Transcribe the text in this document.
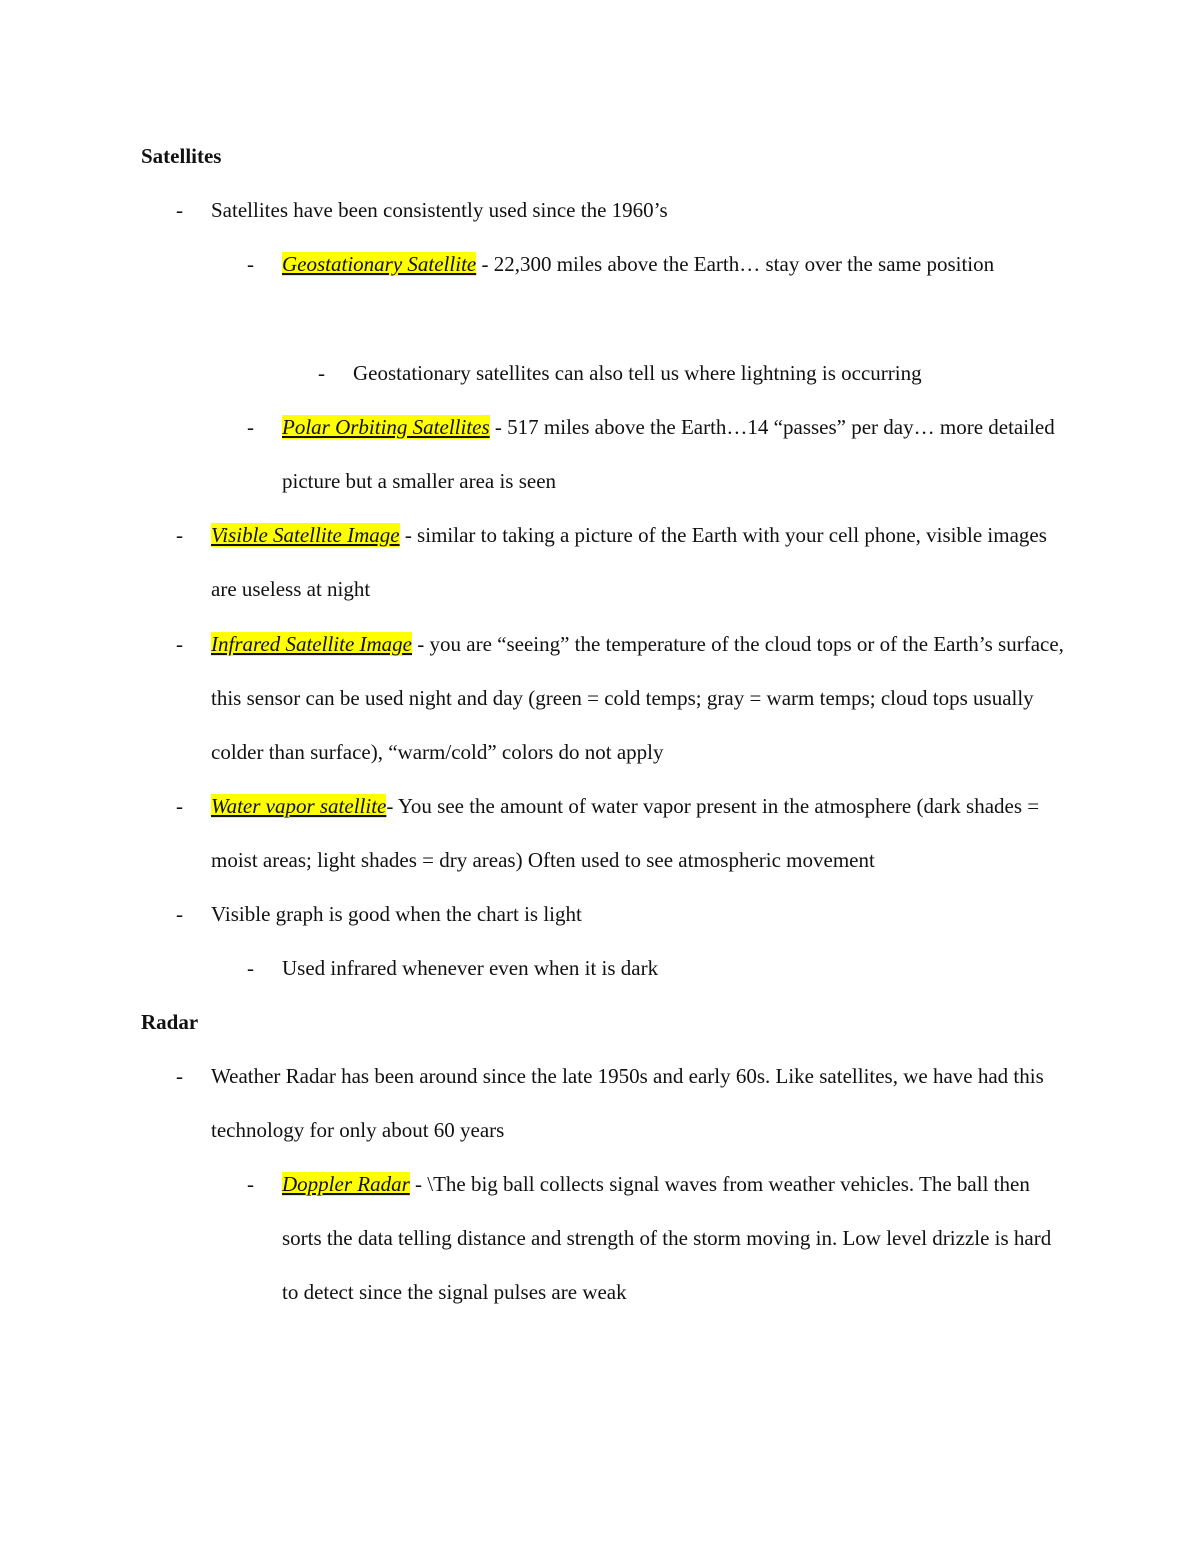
Satellites
- Satellites have been consistently used since the 1960’s
- Geostationary Satellite - 22,300 miles above the Earth… stay over the same position
- Geostationary satellites can also tell us where lightning is occurring
- Polar Orbiting Satellites - 517 miles above the Earth…14 “passes” per day… more detailed picture but a smaller area is seen
- Visible Satellite Image - similar to taking a picture of the Earth with your cell phone, visible images are useless at night
- Infrared Satellite Image - you are “seeing” the temperature of the cloud tops or of the Earth’s surface, this sensor can be used night and day (green = cold temps; gray = warm temps; cloud tops usually colder than surface), “warm/cold” colors do not apply
- Water vapor satellite- You see the amount of water vapor present in the atmosphere (dark shades = moist areas; light shades = dry areas) Often used to see atmospheric movement
- Visible graph is good when the chart is light
- Used infrared whenever even when it is dark
Radar
- Weather Radar has been around since the late 1950s and early 60s. Like satellites, we have had this technology for only about 60 years
- Doppler Radar - \The big ball collects signal waves from weather vehicles. The ball then sorts the data telling distance and strength of the storm moving in. Low level drizzle is hard to detect since the signal pulses are weak
